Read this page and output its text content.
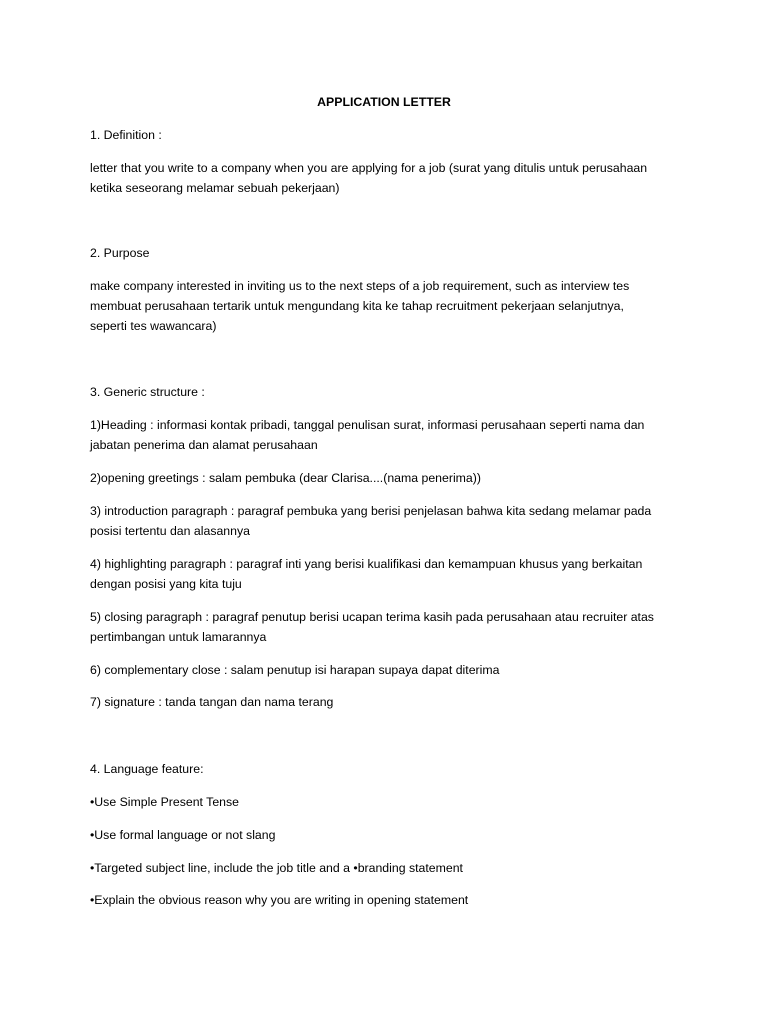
APPLICATION LETTER
1. Definition :
letter that you write to a company when you are applying for a job (surat yang ditulis untuk perusahaan
ketika seseorang melamar sebuah pekerjaan)
2. Purpose
make company interested in inviting us to the next steps of a job requirement, such as interview tes
membuat perusahaan tertarik untuk mengundang kita ke tahap recruitment pekerjaan selanjutnya,
seperti tes wawancara)
3. Generic structure :
1)Heading : informasi kontak pribadi, tanggal penulisan surat, informasi perusahaan seperti nama dan
jabatan penerima dan alamat perusahaan
2)opening greetings : salam pembuka (dear Clarisa....(nama penerima))
3) introduction paragraph : paragraf pembuka yang berisi penjelasan bahwa kita sedang melamar pada
posisi tertentu dan alasannya
4) highlighting paragraph : paragraf inti yang berisi kualifikasi dan kemampuan khusus yang berkaitan
dengan posisi yang kita tuju
5) closing paragraph : paragraf penutup berisi ucapan terima kasih pada perusahaan atau recruiter atas
pertimbangan untuk lamarannya
6) complementary close : salam penutup isi harapan supaya dapat diterima
7) signature : tanda tangan dan nama terang
4. Language feature:
•Use Simple Present Tense
•Use formal language or not slang
•Targeted subject line, include the job title and a •branding statement
•Explain the obvious reason why you are writing in opening statement
